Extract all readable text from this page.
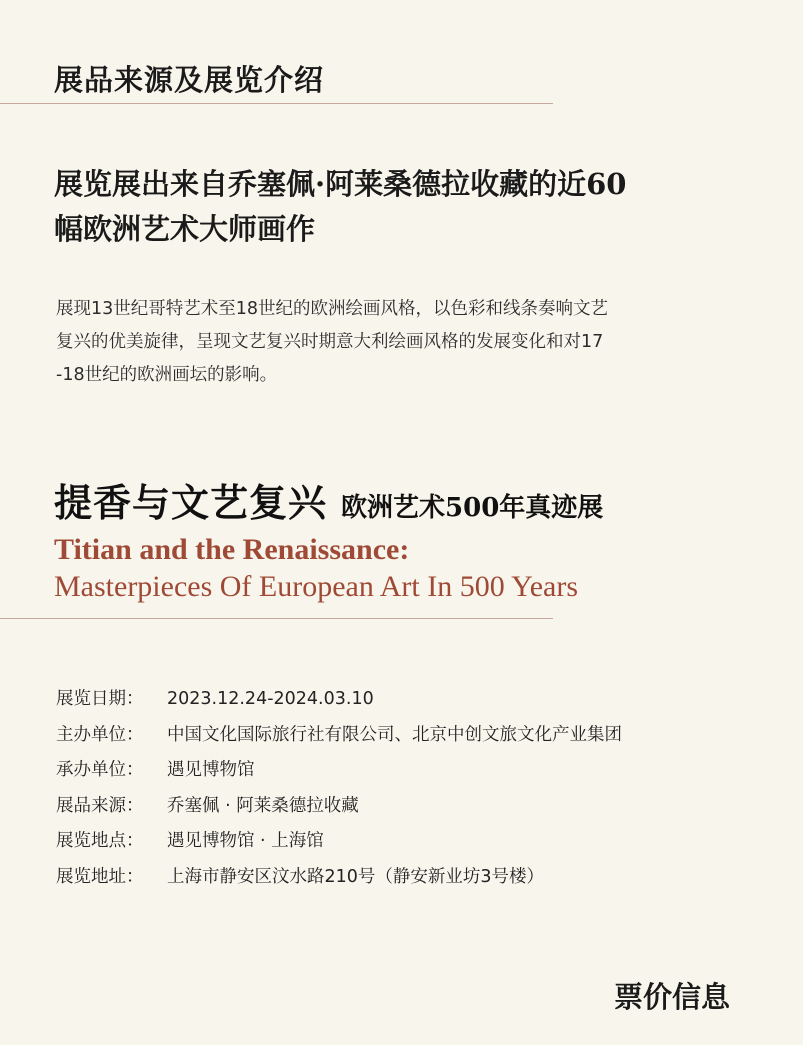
展品来源及展览介绍
展览展出来自乔塞佩·阿莱桑德拉收藏的近60
幅欧洲艺术大师画作
展现13世纪哥特艺术至18世纪的欧洲绘画风格，以色彩和线条奏响文艺
复兴的优美旋律，呈现文艺复兴时期意大利绘画风格的发展变化和对17
-18世纪的欧洲画坛的影响。
提香与文艺复兴 欧洲艺术500年真迹展
Titian and the Renaissance:
Masterpieces Of European Art In 500 Years
展览日期： 2023.12.24-2024.03.10
主办单位： 中国文化国际旅行社有限公司、北京中创文旅文化产业集团
承办单位： 遇见博物馆
展品来源： 乔塞佩 · 阿莱桑德拉收藏
展览地点： 遇见博物馆 · 上海馆
展览地址： 上海市静安区汶水路210号（静安新业坊3号楼）
票价信息
